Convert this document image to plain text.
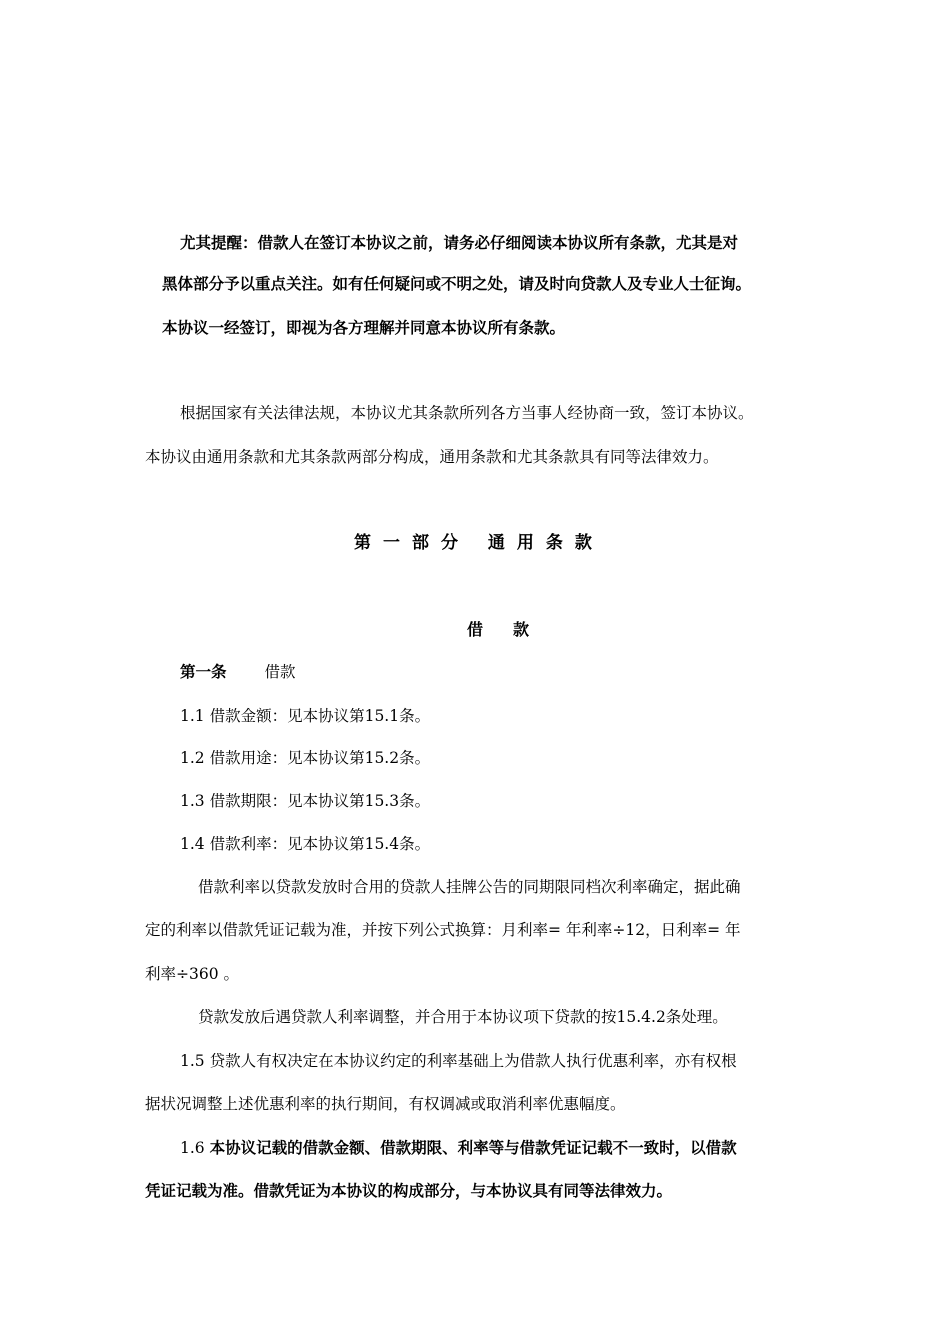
尤其提醒：借款人在签订本协议之前，请务必仔细阅读本协议所有条款，尤其是对
黑体部分予以重点关注。如有任何疑问或不明之处，请及时向贷款人及专业人士征询。
本协议一经签订，即视为各方理解并同意本协议所有条款。
根据国家有关法律法规，本协议尤其条款所列各方当事人经协商一致，签订本协议。
本协议由通用条款和尤其条款两部分构成，通用条款和尤其条款具有同等法律效力。
第一部分 通用条款
借款
第一条 借款
1.1 借款金额：见本协议第15.1条。
1.2 借款用途：见本协议第15.2条。
1.3 借款期限：见本协议第15.3条。
1.4 借款利率：见本协议第15.4条。
借款利率以贷款发放时合用的贷款人挂牌公告的同期限同档次利率确定，据此确
定的利率以借款凭证记载为准，并按下列公式换算：月利率= 年利率÷12，日利率= 年
利率÷360 。
贷款发放后遇贷款人利率调整，并合用于本协议项下贷款的按15.4.2条处理。
1.5 贷款人有权决定在本协议约定的利率基础上为借款人执行优惠利率，亦有权根
据状况调整上述优惠利率的执行期间，有权调减或取消利率优惠幅度。
1.6 本协议记载的借款金额、借款期限、利率等与借款凭证记载不一致时，以借款
凭证记载为准。借款凭证为本协议的构成部分，与本协议具有同等法律效力。
